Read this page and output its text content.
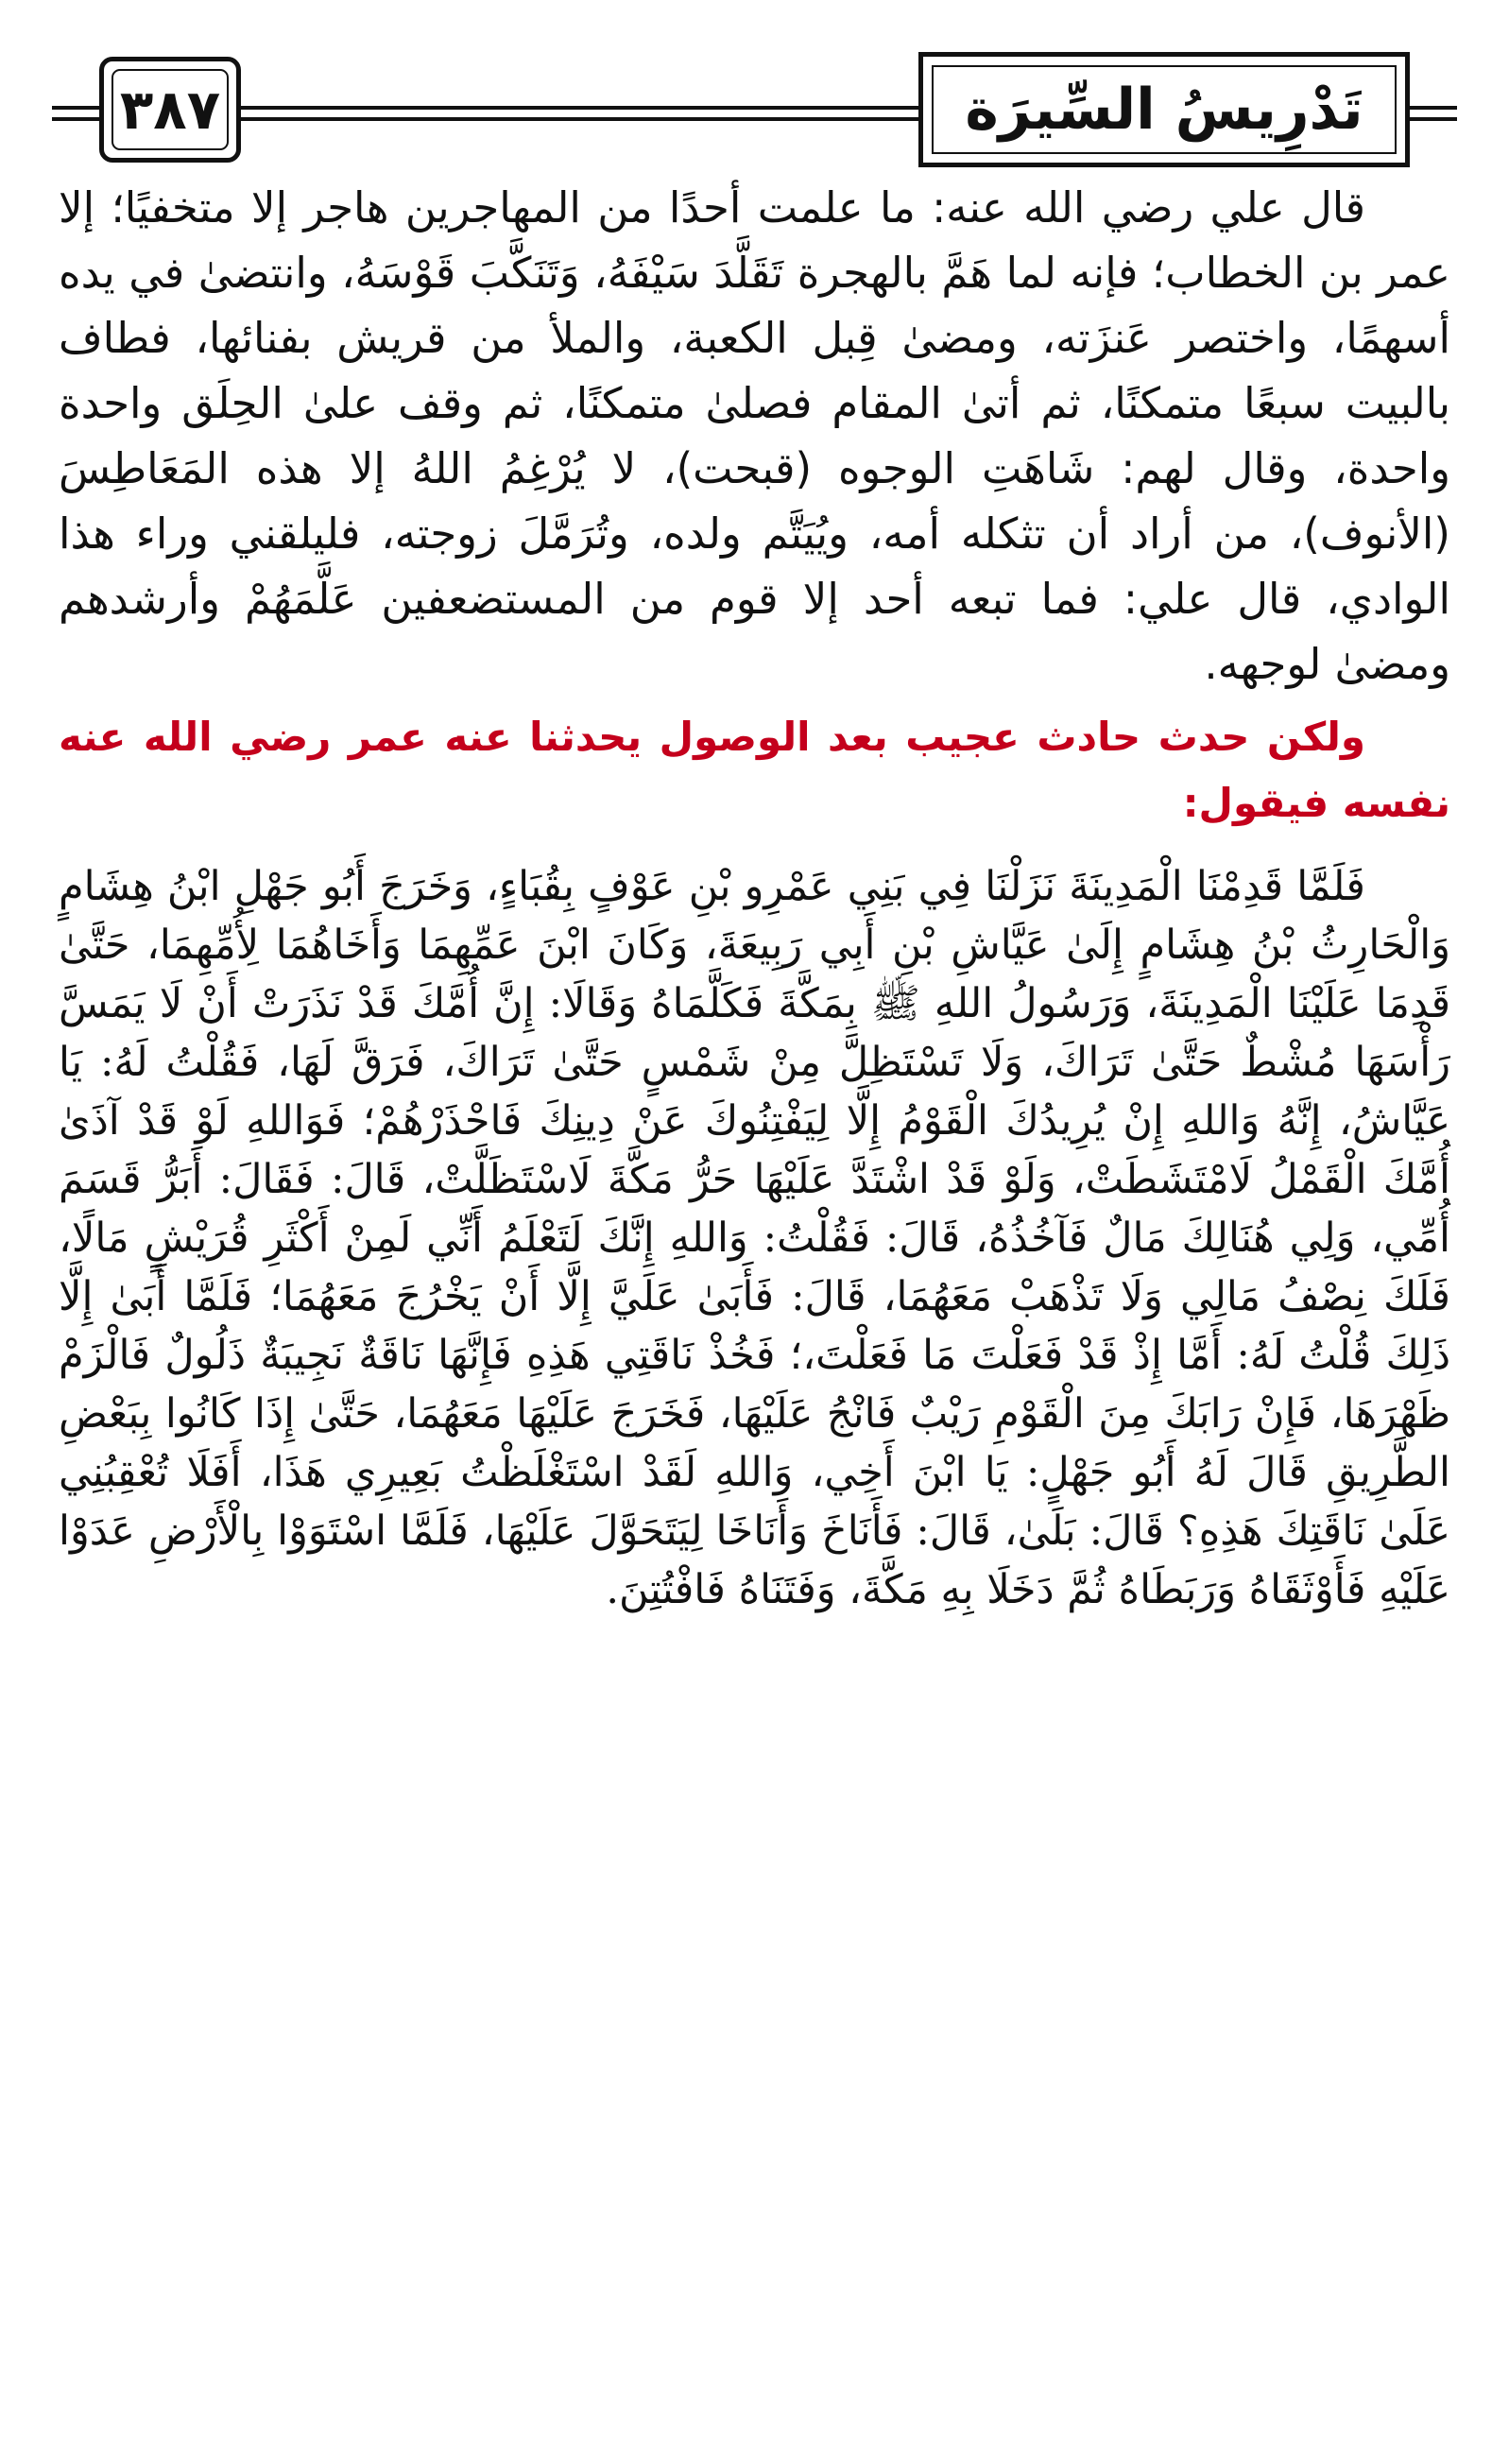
٣٨٧	تَدْرِيسُ السِّيرَة

قال علي رضي الله عنه: ما علمت أحدًا من المهاجرين هاجر إلا متخفيًا؛ إلا عمر بن الخطاب؛ فإنه لما هَمَّ بالهجرة تَقَلَّدَ سَيْفَهُ، وَتَنَكَّبَ قَوْسَهُ، وانتضىٰ في يده أسهمًا، واختصر عَنزَته، ومضىٰ قِبل الكعبة، والملأ من قريش بفنائها، فطاف بالبيت سبعًا متمكنًا، ثم أتىٰ المقام فصلىٰ متمكنًا، ثم وقف علىٰ الحِلَق واحدة واحدة، وقال لهم: شَاهَتِ الوجوه (قبحت)، لا يُرْغِمُ اللهُ إلا هذه المَعَاطِسَ (الأنوف)، من أراد أن تثكله أمه، ويُيَتَّم ولده، وتُرَمَّلَ زوجته، فليلقني وراء هذا الوادي، قال علي: فما تبعه أحد إلا قوم من المستضعفين عَلَّمَهُمْ وأرشدهم ومضىٰ لوجهه.

ولكن حدث حادث عجيب بعد الوصول يحدثنا عنه عمر رضي الله عنه نفسه فيقول:

فَلَمَّا قَدِمْنَا الْمَدِينَةَ نَزَلْنَا فِي بَنِي عَمْرِو بْنِ عَوْفٍ بِقُبَاءٍ، وَخَرَجَ أَبُو جَهْلِ ابْنُ هِشَامٍ وَالْحَارِثُ بْنُ هِشَامٍ إِلَىٰ عَيَّاشِ بْنِ أَبِي رَبِيعَةَ، وَكَانَ ابْنَ عَمِّهِمَا وَأَخَاهُمَا لِأُمِّهِمَا، حَتَّىٰ قَدِمَا عَلَيْنَا الْمَدِينَةَ، وَرَسُولُ اللهِ ﷺ بِمَكَّةَ فَكَلَّمَاهُ وَقَالَا: إِنَّ أُمَّكَ قَدْ نَذَرَتْ أَنْ لَا يَمَسَّ رَأْسَهَا مُشْطٌ حَتَّىٰ تَرَاكَ، وَلَا تَسْتَظِلَّ مِنْ شَمْسٍ حَتَّىٰ تَرَاكَ، فَرَقَّ لَهَا، فَقُلْتُ لَهُ: يَا عَيَّاشُ، إِنَّهُ وَاللهِ إِنْ يُرِيدُكَ الْقَوْمُ إِلَّا لِيَفْتِنُوكَ عَنْ دِينِكَ فَاحْذَرْهُمْ؛ فَوَاللهِ لَوْ قَدْ آذَىٰ أُمَّكَ الْقَمْلُ لَامْتَشَطَتْ، وَلَوْ قَدْ اشْتَدَّ عَلَيْهَا حَرُّ مَكَّةَ لَاسْتَظَلَّتْ، قَالَ: فَقَالَ: أَبَرُّ قَسَمَ أُمِّي، وَلِي هُنَالِكَ مَالٌ فَآخُذُهُ، قَالَ: فَقُلْتُ: وَاللهِ إِنَّكَ لَتَعْلَمُ أَنِّي لَمِنْ أَكْثَرِ قُرَيْشٍ مَالًا، فَلَكَ نِصْفُ مَالِي وَلَا تَذْهَبْ مَعَهُمَا، قَالَ: فَأَبَىٰ عَلَيَّ إِلَّا أَنْ يَخْرُجَ مَعَهُمَا؛ فَلَمَّا أَبَىٰ إِلَّا ذَلِكَ قُلْتُ لَهُ: أَمَّا إِذْ قَدْ فَعَلْتَ مَا فَعَلْتَ،؛ فَخُذْ نَاقَتِي هَذِهِ فَإِنَّهَا نَاقَةٌ نَجِيبَةٌ ذَلُولٌ فَالْزَمْ ظَهْرَهَا، فَإِنْ رَابَكَ مِنَ الْقَوْمِ رَيْبٌ فَانْجُ عَلَيْهَا، فَخَرَجَ عَلَيْهَا مَعَهُمَا، حَتَّىٰ إِذَا كَانُوا بِبَعْضِ الطَّرِيقِ قَالَ لَهُ أَبُو جَهْلٍ: يَا ابْنَ أَخِي، وَاللهِ لَقَدْ اسْتَغْلَظْتُ بَعِيرِي هَذَا، أَفَلَا تُعْقِبُنِي عَلَىٰ نَاقَتِكَ هَذِهِ؟ قَالَ: بَلَىٰ، قَالَ: فَأَنَاخَ وَأَنَاخَا لِيَتَحَوَّلَ عَلَيْهَا، فَلَمَّا اسْتَوَوْا بِالْأَرْضِ عَدَوْا عَلَيْهِ فَأَوْثَقَاهُ وَرَبَطَاهُ ثُمَّ دَخَلَا بِهِ مَكَّةَ، وَفَتَنَاهُ فَافْتُتِنَ.
